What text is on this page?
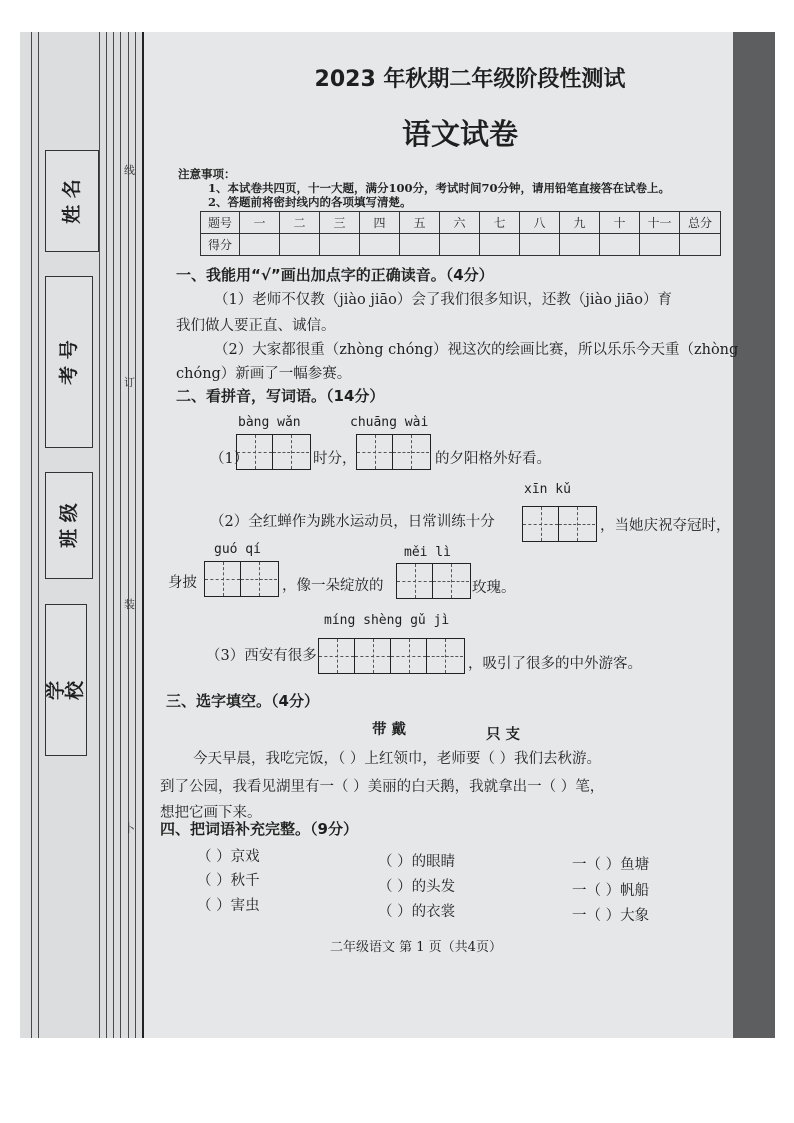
姓 名
考 号
班 级
学 校
线
订
装
卜
2023 年秋期二年级阶段性测试
语文试卷
注意事项：
1、本试卷共四页，十一大题，满分100分，考试时间70分钟，请用铅笔直接答在试卷上。
2、答题前将密封线内的各项填写清楚。
题号	一	二	三	四	五	六	七	八	九	十	十一	总分
得分												
一、我能用“√”画出加点字的正确读音。（4分）
（1）老师不仅教（jiào jiāo）会了我们很多知识，还教（jiào jiāo）育
我们做人要正直、诚信。
（2）大家都很重（zhòng chóng）视这次的绘画比赛，所以乐乐今天重（zhòng
chóng）新画了一幅参赛。
二、看拼音，写词语。（14分）
bàng wǎn	chuāng wài
（1）	时分，	的夕阳格外好看。
xīn kǔ
（2）全红蝉作为跳水运动员，日常训练十分	，当她庆祝夺冠时，
guó qí	měi lì
身披	，像一朵绽放的	玫瑰。
míng shèng gǔ jì
（3）西安有很多	，吸引了很多的中外游客。
三、选字填空。（4分）
带 戴	只 支
今天早晨，我吃完饭，（ ）上红领巾，老师要（ ）我们去秋游。
到了公园，我看见湖里有一（ ）美丽的白天鹅，我就拿出一（ ）笔，
想把它画下来。
四、把词语补充完整。（9分）
（ ）京戏	（ ）的眼睛	一（ ）鱼塘
（ ）秋千	（ ）的头发	一（ ）帆船
（ ）害虫	（ ）的衣裳	一（ ）大象
二年级语文 第 1 页（共4页）
